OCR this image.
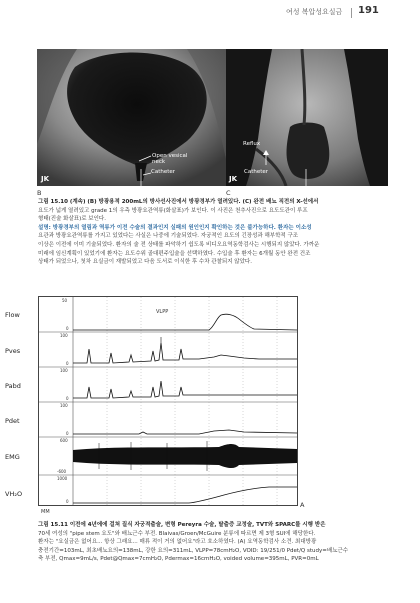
여성 복압성요실금 191
Open vesical neck
Catheter
JK
B
Reflux
Catheter
JK
C
그림 15.10 (계속) (B) 방광용적 200mL의 방사선사진에서 방광경부가 열려있다. (C) 완전 배뇨 직전의 X-선에서
요도가 넓게 열려있고 grade 1의 우측 방광요관역류(화살표)가 보인다. 이 사진은 천추사진으로 요도도관이 루프
형태(진술 화살표)로 보인다.
설명: 방광경부의 열림과 역류가 이전 수술의 결과인지 실패의 원인인지 확인하는 것은 불가능하다. 환자는 이소성
요관과 방광요관역류를 가지고 있었다는 사실은 나중에 기술되었다. 자궁적인 요도의 긴장성과 해부학적 구조
이상은 이전에 이미 기술되었다. 환자의 술 전 상태를 파악하기 쉽도록 비디오요역동학검사는 시행되지 않았다. 가까운
미래에 임신계획이 있었기에 환자는 요도수위 골대편주입술을 선택하였다. 수입술 후 환자는 6개월 동안 완전 건조
상태가 되었으나, 첫차 요실금이 재발되었고 다음 도서로 이식한 후 수차 관찰되지 않았다.
Flow
Pves
Pabd
Pdet
EMG
VH₂O
50
0
100
0
100
0
100
0
600
-600
1000
0
VLPP
MM
A
그림 15.11 이전에 4년에에 걸쳐 질식 자궁적출술, 변형 Pereyra 수술, 탈출증 교정술, TVT와 SPARC를 시행 받은
70세 여성의 "pipe stem 요도"와 배뇨근수 부전. Blaivas/Groen/McGuire 분류에 따르면 제 3형 SUI에 해당한다.
환자는 "요실금은 없어요... 항상 그래요... 매류 적이 거의 없어요"라고 호소하였다. (A) 요역동학검사 소견. 최대방광
충전기간=103mL, 최초배뇨요의=138mL, 강한 요의=311mL, VLPP=78cmH₂O, VOID: 19/251/0 Pdet/Q study=배뇨근수
축 부전, Qmax=9mL/s, Pdet@Qmax=7cmH₂O, Pdermax=16cmH₂O, voided volume=395mL, PVR=0mL
